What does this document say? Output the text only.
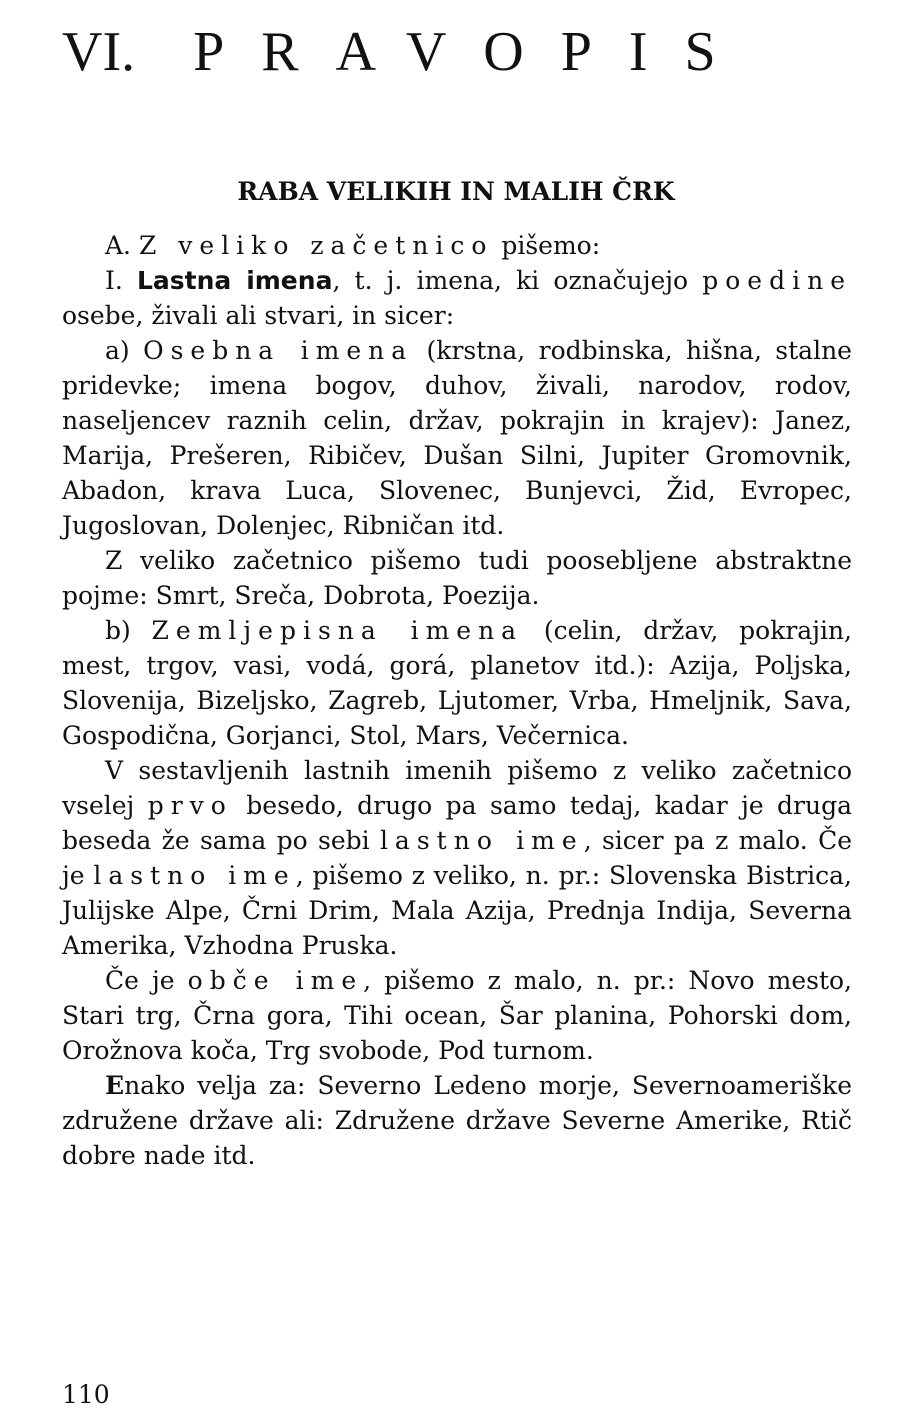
VI. PRAVOPIS
RABA VELIKIH IN MALIH ČRK

A. Z veliko začetnico pišemo:

I. Lastna imena, t. j. imena, ki označujejo poedine osebe, živali ali stvari, in sicer:

a) Osebna imena (krstna, rodbinska, hišna, stalne pridevke; imena bogov, duhov, živali, narodov, rodov, naseljencev raznih celin, držav, pokrajin in krajev): Janez, Marija, Prešeren, Ribičev, Dušan Silni, Jupiter Gromovnik, Abadon, krava Luca, Slovenec, Bunjevci, Žid, Evropec, Jugoslovan, Dolenjec, Ribničan itd.

Z veliko začetnico pišemo tudi poosebljene abstraktne pojme: Smrt, Sreča, Dobrota, Poezija.

b) Zemljepisna imena (celin, držav, pokrajin, mest, trgov, vasi, vodá, gorá, planetov itd.): Azija, Poljska, Slovenija, Bizeljsko, Zagreb, Ljutomer, Vrba, Hmeljnik, Sava, Gospodična, Gorjanci, Stol, Mars, Večernica.

V sestavljenih lastnih imenih pišemo z veliko začetnico vselej prvo besedo, drugo pa samo tedaj, kadar je druga beseda že sama po sebi lastno ime, sicer pa z malo. Če je lastno ime, pišemo z veliko, n. pr.: Slovenska Bistrica, Julijske Alpe, Črni Drim, Mala Azija, Prednja Indija, Severna Amerika, Vzhodna Pruska.

Če je obče ime, pišemo z malo, n. pr.: Novo mesto, Stari trg, Črna gora, Tihi ocean, Šar planina, Pohorski dom, Orožnova koča, Trg svobode, Pod turnom.

Enako velja za: Severno Ledeno morje, Severnoameriške združene države ali: Združene države Severne Amerike, Rtič dobre nade itd.

110
